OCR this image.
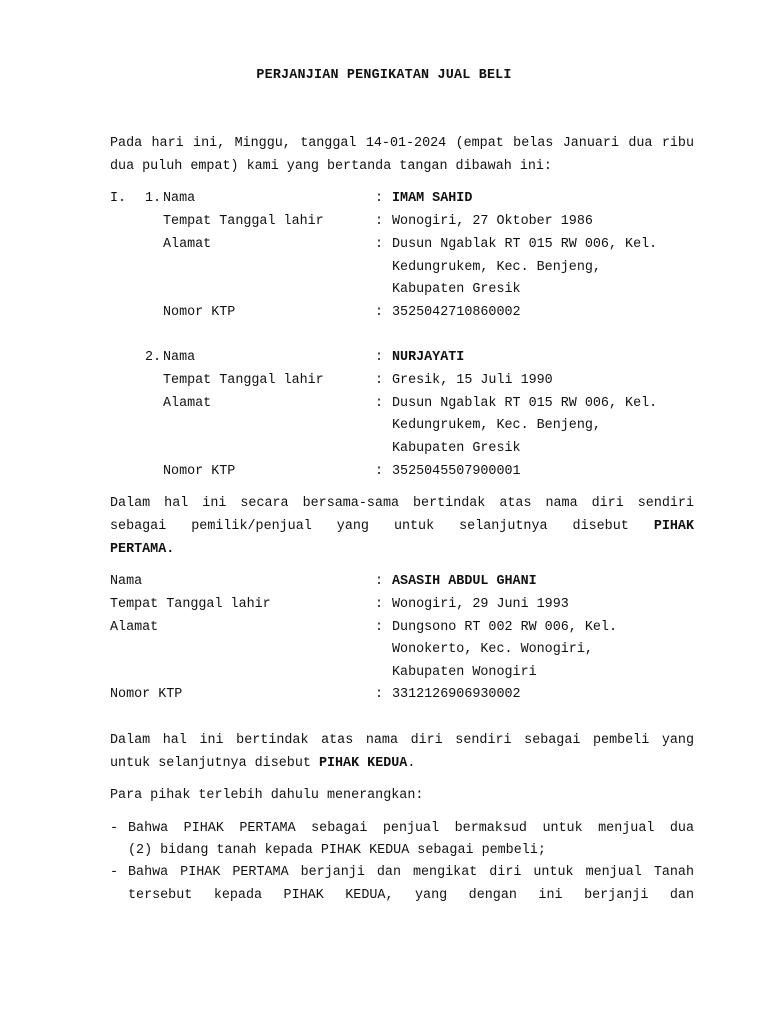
PERJANJIAN PENGIKATAN JUAL BELI

Pada hari ini, Minggu, tanggal 14-01-2024 (empat belas Januari dua ribu dua puluh empat) kami yang bertanda tangan dibawah ini:

I. 1. Nama	: IMAM SAHID
Tempat Tanggal lahir	: Wonogiri, 27 Oktober 1986
Alamat	: Dusun Ngablak RT 015 RW 006, Kel.
Kedungrukem, Kec. Benjeng,
Kabupaten Gresik
Nomor KTP	: 3525042710860002
2. Nama	: NURJAYATI
Tempat Tanggal lahir	: Gresik, 15 Juli 1990
Alamat	: Dusun Ngablak RT 015 RW 006, Kel.
Kedungrukem, Kec. Benjeng,
Kabupaten Gresik
Nomor KTP	: 3525045507900001
Dalam hal ini secara bersama-sama bertindak atas nama diri sendiri
sebagai pemilik/penjual yang untuk selanjutnya disebut PIHAK
PERTAMA.
Nama	: ASASIH ABDUL GHANI
Tempat Tanggal lahir	: Wonogiri, 29 Juni 1993
Alamat	: Dungsono RT 002 RW 006, Kel.
Wonokerto, Kec. Wonogiri,
Kabupaten Wonogiri
Nomor KTP	: 3312126906930002
Dalam hal ini bertindak atas nama diri sendiri sebagai pembeli yang
untuk selanjutnya disebut PIHAK KEDUA.
Para pihak terlebih dahulu menerangkan:
- Bahwa PIHAK PERTAMA sebagai penjual bermaksud untuk menjual dua
(2) bidang tanah kepada PIHAK KEDUA sebagai pembeli;
- Bahwa PIHAK PERTAMA berjanji dan mengikat diri untuk menjual Tanah
tersebut kepada PIHAK KEDUA, yang dengan ini berjanji dan
